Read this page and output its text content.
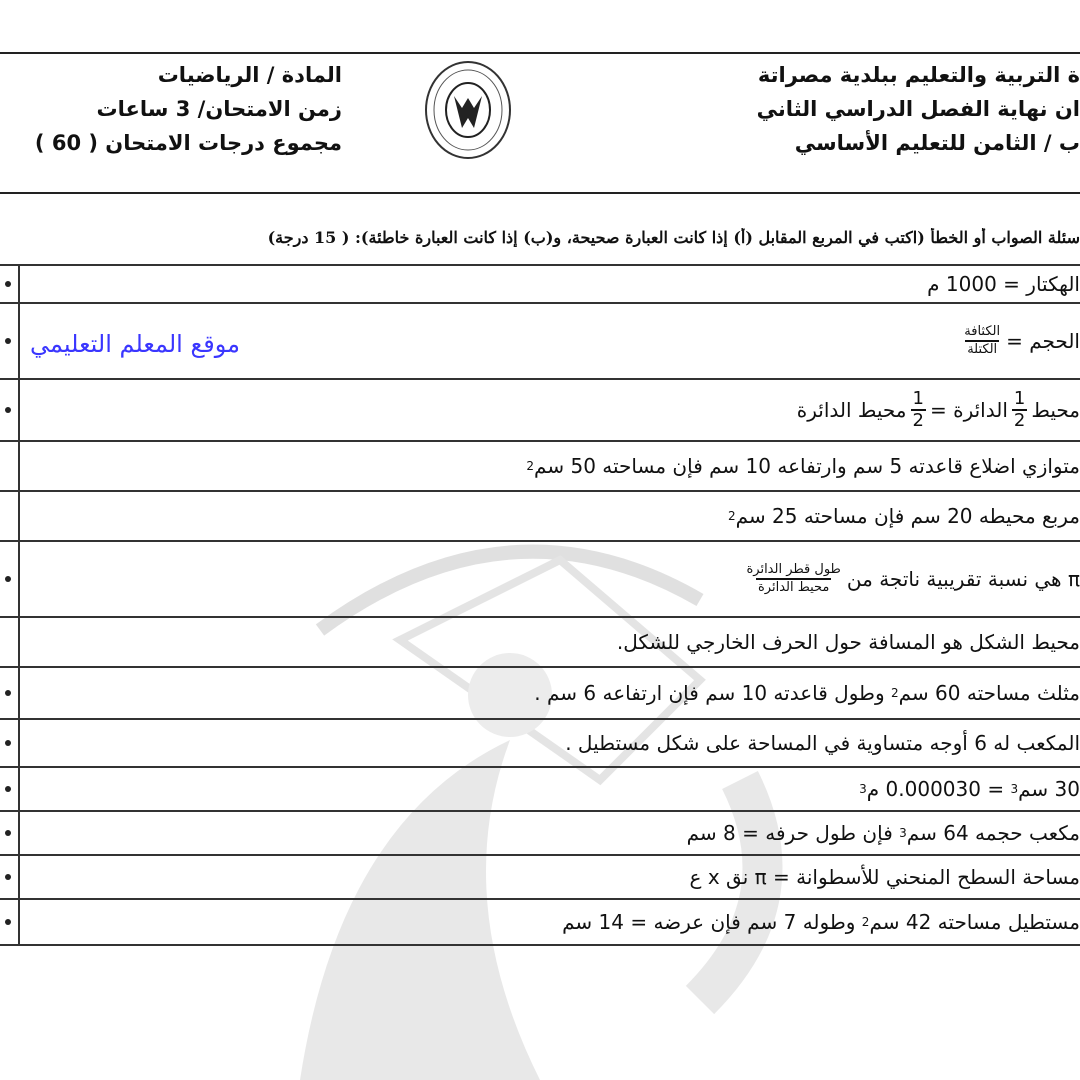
ة التربية والتعليم ببلدية مصراتة
ان نهاية الفصل الدراسي الثاني
ب / الثامن للتعليم الأساسي
المادة / الرياضيات
زمن الامتحان/ 3 ساعات
مجموع درجات الامتحان ( 60 )
سئلة الصواب أو الخطأ (اكتب في المربع المقابل (أ) إذا كانت العبارة صحيحة، و(ب) إذا كانت العبارة خاطئة): ( 15 درجة)
الهكتار = 1000 م
الحجم =
$\frac{\text{الكثافة}}{\text{الكتلة}}$
محيط
$\frac{1}{2}$
الدائرة =
$\frac{1}{2}$
محيط الدائرة
متوازي اضلاع قاعدته 5 سم وارتفاعه 10 سم فإن مساحته 50 سم
2
مربع محيطه 20 سم فإن مساحته 25 سم
2
π هي نسبة تقريبية ناتجة من
$\frac{\text{طول قطر الدائرة}}{\text{محيط الدائرة}}$
محيط الشكل هو المسافة حول الحرف الخارجي للشكل.
مثلث مساحته 60 سم
2

وطول قاعدته 10 سم فإن ارتفاعه 6 سم .
المكعب له 6 أوجه متساوية في المساحة على شكل مستطيل .
30 سم
3

= 0.000030 م
3
مكعب حجمه 64 سم
3

فإن طول حرفه = 8 سم
مساحة السطح المنحني للأسطوانة = π نق x ع
مستطيل مساحته 42 سم
2

وطوله 7 سم فإن عرضه = 14 سم
موقع المعلم التعليمي
